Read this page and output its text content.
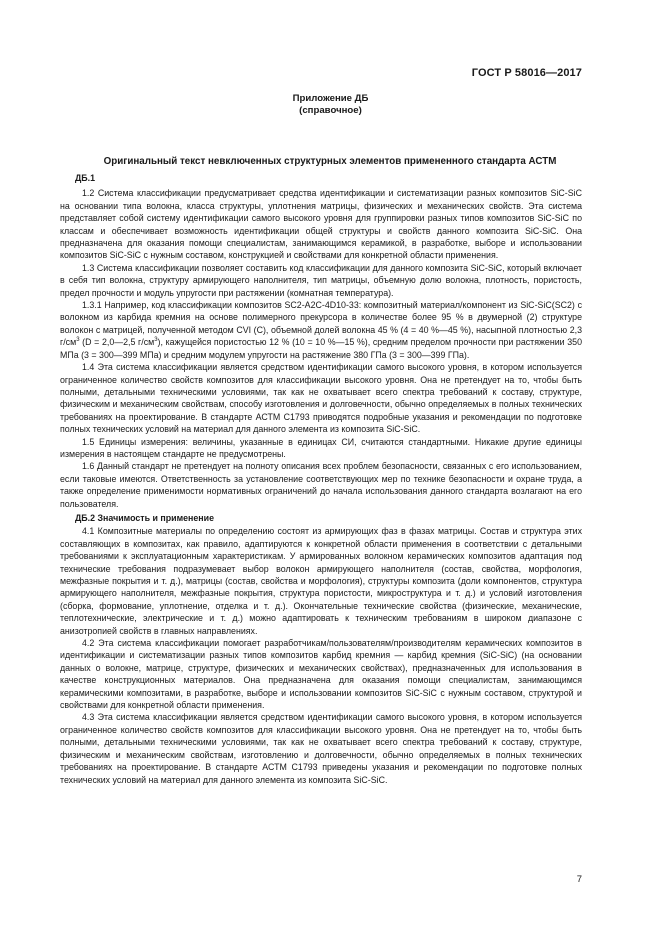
ГОСТ Р 58016—2017
Приложение ДБ
(справочное)
Оригинальный текст невключенных структурных элементов примененного стандарта АСТМ
ДБ.1

1.2 Система классификации предусматривает средства идентификации и систематизации разных композитов SiC-SiC на основании типа волокна, класса структуры, уплотнения матрицы, физических и механических свойств. Эта система представляет собой систему идентификации самого высокого уровня для группировки разных типов композитов SiC-SiC по классам и обеспечивает возможность идентификации общей структуры и свойств данного композита SiC-SiC. Она предназначена для оказания помощи специалистам, занимающимся керамикой, в разработке, выборе и использовании композитов SiC-SiC с нужным составом, конструкцией и свойствами для конкретной области применения.

1.3 Система классификации позволяет составить код классификации для данного композита SiC-SiC, который включает в себя тип волокна, структуру армирующего наполнителя, тип матрицы, объемную долю волокна, плотность, пористость, предел прочности и модуль упругости при растяжении (комнатная температура).

1.3.1 Например, код классификации композитов SC2-A2C-4D10-33: композитный материал/компонент из SiC-SiC(SC2) с волокном из карбида кремния на основе полимерного прекурсора в количестве более 95 % в двумерной (2) структуре волокон с матрицей, полученной методом CVI (C), объемной долей волокна 45 % (4 = 40 %—45 %), насыпной плотностью 2,3 $г/см^3$ (D = 2,0—2,5 $г/см^3$), кажущейся пористостью 12 % (10 = 10 %—15 %), средним пределом прочности при растяжении 350 МПа (3 = 300—399 МПа) и средним модулем упругости на растяжение 380 ГПа (3 = 300—399 ГПа).

1.4 Эта система классификации является средством идентификации самого высокого уровня, в котором используется ограниченное количество свойств композитов для классификации высокого уровня. Она не претендует на то, чтобы быть полными, детальными техническими условиями, так как не охватывает всего спектра требований к составу, структуре, физическим и механическим свойствам, способу изготовления и долговечности, обычно определяемых в полных технических требованиях на проектирование. В стандарте АСТМ С1793 приводятся подробные указания и рекомендации по подготовке полных технических условий на материал для данного элемента из композита SiC-SiC.

1.5 Единицы измерения: величины, указанные в единицах СИ, считаются стандартными. Никакие другие единицы измерения в настоящем стандарте не предусмотрены.

1.6 Данный стандарт не претендует на полноту описания всех проблем безопасности, связанных с его использованием, если таковые имеются. Ответственность за установление соответствующих мер по технике безопасности и охране труда, а также определение применимости нормативных ограничений до начала использования данного стандарта возлагают на его пользователя.

ДБ.2 Значимость и применение

4.1 Композитные материалы по определению состоят из армирующих фаз в фазах матрицы. Состав и структура этих составляющих в композитах, как правило, адаптируются к конкретной области применения в соответствии с детальными требованиями к эксплуатационным характеристикам. У армированных волокном керамических композитов адаптация под технические требования подразумевает выбор волокон армирующего наполнителя (состав, свойства, морфология, межфазные покрытия и т. д.), матрицы (состав, свойства и морфология), структуры композита (доли компонентов, структура армирующего наполнителя, межфазные покрытия, структура пористости, микроструктура и т. д.) и условий изготовления (сборка, формование, уплотнение, отделка и т. д.). Окончательные технические свойства (физические, механические, теплотехнические, электрические и т. д.) можно адаптировать к техническим требованиям в широком диапазоне с анизотропией свойств в главных направлениях.

4.2 Эта система классификации помогает разработчикам/пользователям/производителям керамических композитов в идентификации и систематизации разных типов композитов карбид кремния — карбид кремния (SiC-SiC) (на основании данных о волокне, матрице, структуре, физических и механических свойствах), предназначенных для использования в качестве конструкционных материалов. Она предназначена для оказания помощи специалистам, занимающимся керамическими композитами, в разработке, выборе и использовании композитов SiC-SiC с нужным составом, структурой и свойствами для конкретной области применения.

4.3 Эта система классификации является средством идентификации самого высокого уровня, в котором используется ограниченное количество свойств композитов для классификации высокого уровня. Она не претендует на то, чтобы быть полными, детальными техническими условиями, так как не охватывает всего спектра требований к составу, структуре, физическим и механическим свойствам, изготовлению и долговечности, обычно определяемых в полных технических требованиях на проектирование. В стандарте АСТМ С1793 приведены указания и рекомендации по подготовке полных технических условий на материал для данного элемента из композита SiC-SiC.

7
